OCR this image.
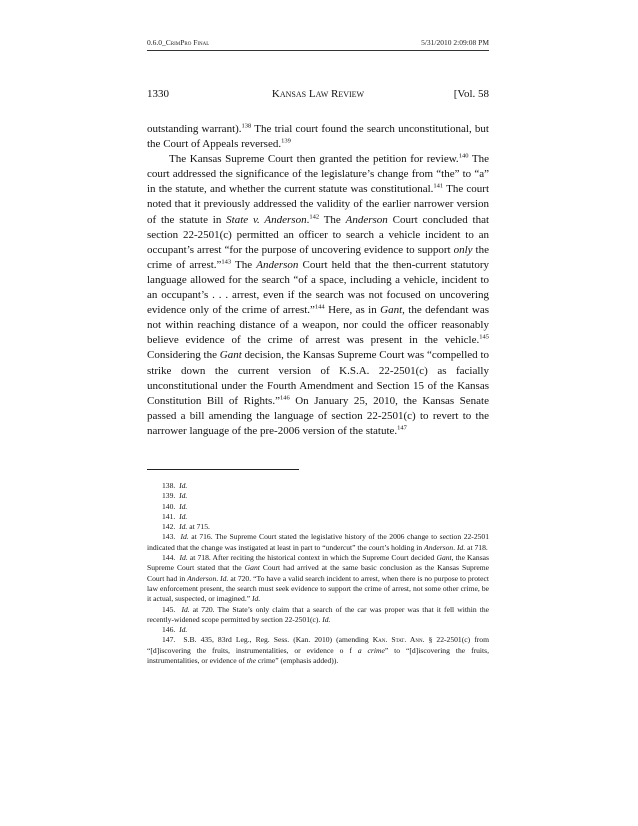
0.6.0_CrimPro Final	5/31/2010 2:09:08 PM
1330	Kansas Law Review	[Vol. 58

outstanding warrant).$^{138}$ The trial court found the search unconstitutional, but the Court of Appeals reversed.$^{139}$

The Kansas Supreme Court then granted the petition for review.$^{140}$ The court addressed the significance of the legislature’s change from “the” to “a” in the statute, and whether the current statute was constitutional.$^{141}$ The court noted that it previously addressed the validity of the earlier narrower version of the statute in State v. Anderson.$^{142}$ The Anderson Court concluded that section 22-2501(c) permitted an officer to search a vehicle incident to an occupant’s arrest “for the purpose of uncovering evidence to support only the crime of arrest.”$^{143}$ The Anderson Court held that the then-current statutory language allowed for the search “of a space, including a vehicle, incident to an occupant’s . . . arrest, even if the search was not focused on uncovering evidence only of the crime of arrest.”$^{144}$ Here, as in Gant, the defendant was not within reaching distance of a weapon, nor could the officer reasonably believe evidence of the crime of arrest was present in the vehicle.$^{145}$ Considering the Gant decision, the Kansas Supreme Court was “compelled to strike down the current version of K.S.A. 22-2501(c) as facially unconstitutional under the Fourth Amendment and Section 15 of the Kansas Constitution Bill of Rights.”$^{146}$ On January 25, 2010, the Kansas Senate passed a bill amending the language of section 22-2501(c) to revert to the narrower language of the pre-2006 version of the statute.$^{147}$

138. Id.

139. Id.

140. Id.

141. Id.

142. Id. at 715.

143. Id. at 716. The Supreme Court stated the legislative history of the 2006 change to section 22-2501 indicated that the change was instigated at least in part to “undercut” the court’s holding in Anderson. Id. at 718.

144. Id. at 718. After reciting the historical context in which the Supreme Court decided Gant, the Kansas Supreme Court stated that the Gant Court had arrived at the same basic conclusion as the Kansas Supreme Court had in Anderson. Id. at 720. “To have a valid search incident to arrest, when there is no purpose to protect law enforcement present, the search must seek evidence to support the crime of arrest, not some other crime, be it actual, suspected, or imagined.” Id.

145. Id. at 720. The State’s only claim that a search of the car was proper was that it fell within the recently-widened scope permitted by section 22-2501(c). Id.

146. Id.

147. S.B. 435, 83rd Leg., Reg. Sess. (Kan. 2010) (amending Kan. Stat. Ann. § 22-2501(c) from “[d]iscovering the fruits, instrumentalities, or evidence o f a crime” to “[d]iscovering the fruits, instrumentalities, or evidence of the crime” (emphasis added)).
